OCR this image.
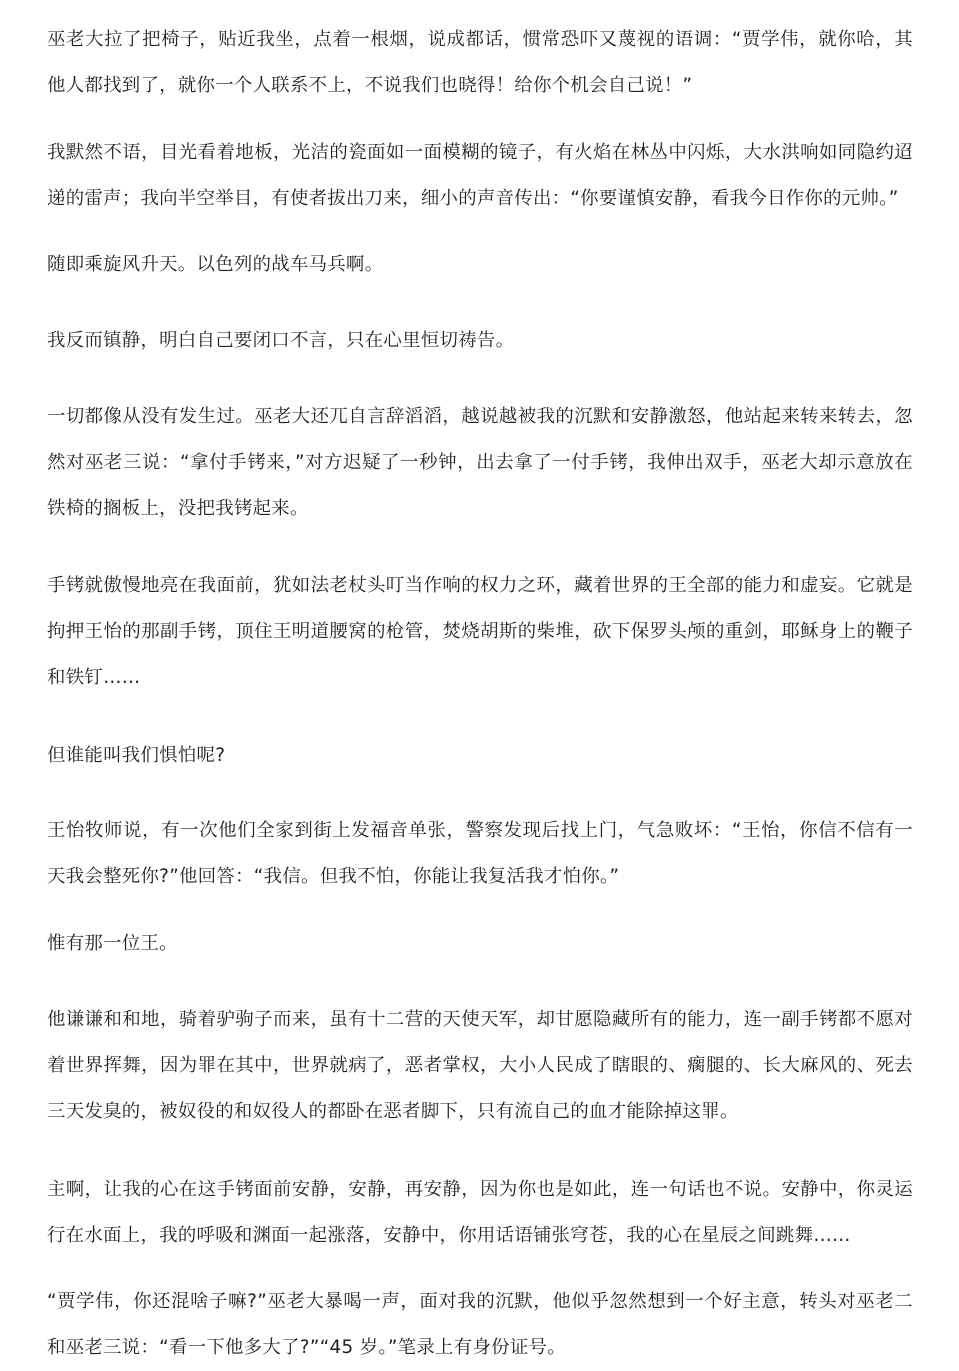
巫老大拉了把椅子，贴近我坐，点着一根烟，说成都话，惯常恐吓又蔑视的语调：“贾学伟，就你哈，其他人都找到了，就你一个人联系不上，不说我们也晓得！给你个机会自己说！”

我默然不语，目光看着地板，光洁的瓷面如一面模糊的镜子，有火焰在林丛中闪烁，大水洪响如同隐约迢递的雷声；我向半空举目，有使者拔出刀来，细小的声音传出：“你要谨慎安静，看我今日作你的元帅。”

随即乘旋风升天。以色列的战车马兵啊。

我反而镇静，明白自己要闭口不言，只在心里恒切祷告。

一切都像从没有发生过。巫老大还兀自言辞滔滔，越说越被我的沉默和安静激怒，他站起来转来转去，忽然对巫老三说：“拿付手铐来，”对方迟疑了一秒钟，出去拿了一付手铐，我伸出双手，巫老大却示意放在铁椅的搁板上，没把我铐起来。

手铐就傲慢地亮在我面前，犹如法老杖头叮当作响的权力之环，藏着世界的王全部的能力和虚妄。它就是拘押王怡的那副手铐，顶住王明道腰窝的枪管，焚烧胡斯的柴堆，砍下保罗头颅的重剑，耶稣身上的鞭子和铁钉……

但谁能叫我们惧怕呢?

王怡牧师说，有一次他们全家到街上发福音单张，警察发现后找上门，气急败坏：“王怡，你信不信有一天我会整死你?”他回答：“我信。但我不怕，你能让我复活我才怕你。”

惟有那一位王。

他谦谦和和地，骑着驴驹子而来，虽有十二营的天使天军，却甘愿隐藏所有的能力，连一副手铐都不愿对着世界挥舞，因为罪在其中，世界就病了，恶者掌权，大小人民成了瞎眼的、瘸腿的、长大麻风的、死去三天发臭的，被奴役的和奴役人的都卧在恶者脚下，只有流自己的血才能除掉这罪。

主啊，让我的心在这手铐面前安静，安静，再安静，因为你也是如此，连一句话也不说。安静中，你灵运行在水面上，我的呼吸和渊面一起涨落，安静中，你用话语铺张穹苍，我的心在星辰之间跳舞……

“贾学伟，你还混啥子嘛?”巫老大暴喝一声，面对我的沉默，他似乎忽然想到一个好主意，转头对巫老二和巫老三说：“看一下他多大了?”“45 岁。”笔录上有身份证号。
